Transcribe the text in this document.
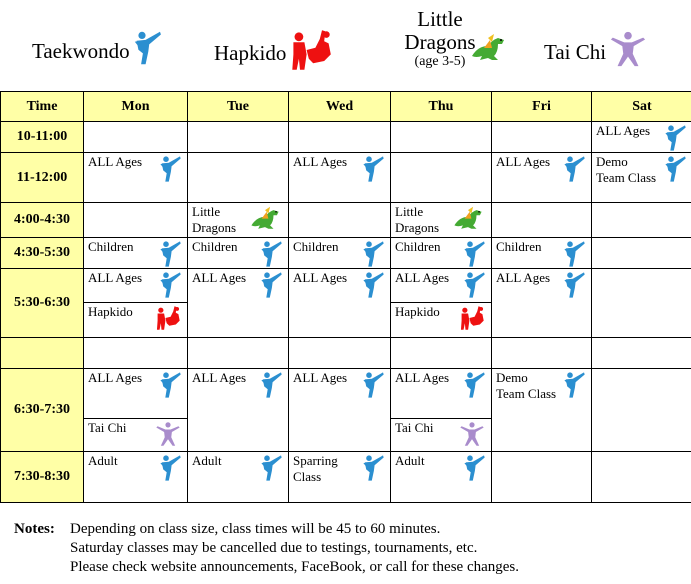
Taekwondo	Hapkido
Little
Dragons
(age 3-5)	Tai Chi
Time	Mon	Tue	Wed	Thu	Fri	Sat
10-11:00						ALL Ages

11-12:00	ALL Ages		ALL Ages		ALL Ages	Demo Team Class

4:00-4:30		Little Dragons		Little Dragons		

4:30-5:30	Children	Children	Children	Children	Children	

5:30-6:30	ALL Ages	ALL Ages	ALL Ages	ALL Ages	ALL Ages	

	Hapkido			Hapkido		

6:30-7:30	ALL Ages	ALL Ages	ALL Ages	ALL Ages	Demo Team Class	

	Tai Chi			Tai Chi		

7:30-8:30	Adult	Adult	Sparring Class	Adult		

Notes: Depending on class size, class times will be 45 to 60 minutes.
Saturday classes may be cancelled due to testings, tournaments, etc.
Please check website announcements, FaceBook, or call for these changes.
